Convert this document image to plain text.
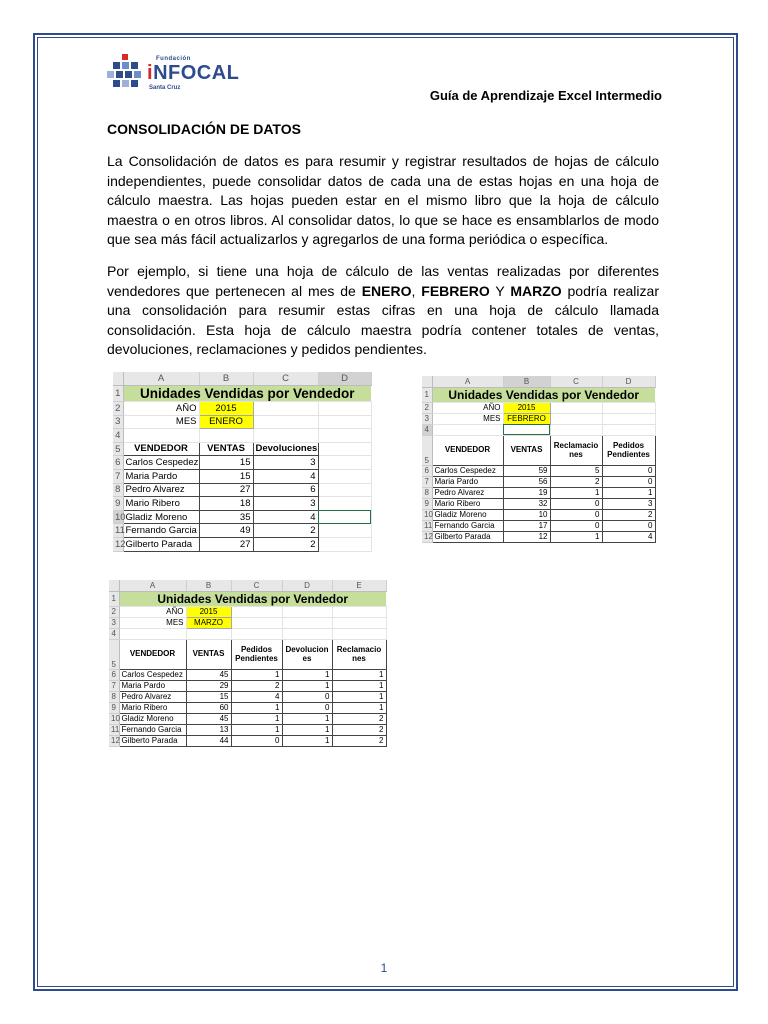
Fundación
iNFOCAL
Santa Cruz	Guía de Aprendizaje Excel Intermedio
CONSOLIDACIÓN DE DATOS

La Consolidación de datos es para resumir y registrar resultados de hojas de cálculo independientes, puede consolidar datos de cada una de estas hojas en una hoja de cálculo maestra. Las hojas pueden estar en el mismo libro que la hoja de cálculo maestra o en otros libros. Al consolidar datos, lo que se hace es ensamblarlos de modo que sea más fácil actualizarlos y agregarlos de una forma periódica o específica.

Por ejemplo, si tiene una hoja de cálculo de las ventas realizadas por diferentes vendedores que pertenecen al mes de ENERO, FEBRERO Y MARZO podría realizar una consolidación para resumir estas cifras en una hoja de cálculo llamada consolidación. Esta hoja de cálculo maestra podría contener totales de ventas, devoluciones, reclamaciones y pedidos pendientes.

	A	B	C	D
1	Unidades Vendidas por Vendedor			
2	AÑO	2015		
3	MES	ENERO		
4				
5	VENDEDOR	VENTAS	Devoluciones	
6	Carlos Cespedez	15	3	
7	Maria Pardo	15	4	
8	Pedro Alvarez	27	6	
9	Mario Ribero	18	3	
10	Gladiz Moreno	35	4	
11	Fernando Garcia	49	2	
12	Gilberto Parada	27	2	
	A	B	C	D
1	Unidades Vendidas por Vendedor			
2	AÑO	2015		
3	MES	FEBRERO		
4				
5	VENDEDOR	VENTAS	Reclamacio nes	Pedidos Pendientes
6	Carlos Cespedez	59	5	0
7	Maria Pardo	56	2	0
8	Pedro Alvarez	19	1	1
9	Mario Ribero	32	0	3
10	Gladiz Moreno	10	0	2
11	Fernando Garcia	17	0	0
12	Gilberto Parada	12	1	4
	A	B	C	D	E
1	Unidades Vendidas por Vendedor				
2	AÑO	2015			
3	MES	MARZO			
4					
5	VENDEDOR	VENTAS	Pedidos Pendientes	Devolucion es	Reclamacio nes
6	Carlos Cespedez	45	1	1	1
7	Maria Pardo	29	2	1	1
8	Pedro Alvarez	15	4	0	1
9	Mario Ribero	60	1	0	1
10	Gladiz Moreno	45	1	1	2
11	Fernando Garcia	13	1	1	2
12	Gilberto Parada	44	0	1	2
1
